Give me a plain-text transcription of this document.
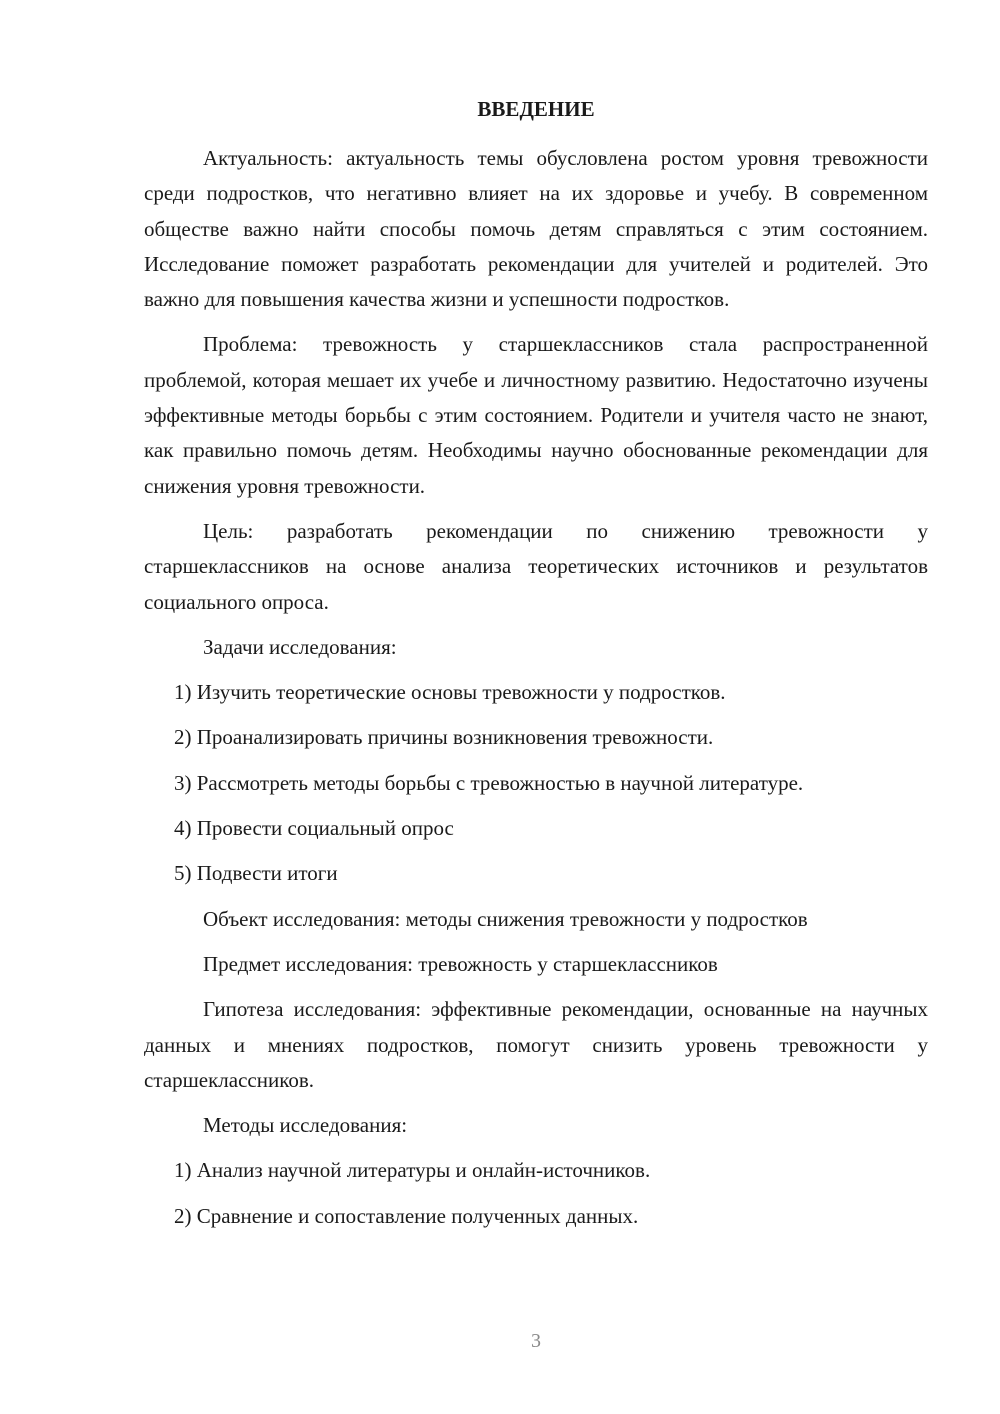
ВВЕДЕНИЕ
Актуальность: актуальность темы обусловлена ростом уровня тревожности среди подростков, что негативно влияет на их здоровье и учебу. В современном обществе важно найти способы помочь детям справляться с этим состоянием. Исследование поможет разработать рекомендации для учителей и родителей. Это важно для повышения качества жизни и успешности подростков.
Проблема: тревожность у старшеклассников стала распространенной проблемой, которая мешает их учебе и личностному развитию. Недостаточно изучены эффективные методы борьбы с этим состоянием. Родители и учителя часто не знают, как правильно помочь детям. Необходимы научно обоснованные рекомендации для снижения уровня тревожности.
Цель: разработать рекомендации по снижению тревожности у старшеклассников на основе анализа теоретических источников и результатов социального опроса.
Задачи исследования:
1) Изучить теоретические основы тревожности у подростков.
2) Проанализировать причины возникновения тревожности.
3) Рассмотреть методы борьбы с тревожностью в научной литературе.
4) Провести социальный опрос
5) Подвести итоги
Объект исследования: методы снижения тревожности у подростков
Предмет исследования: тревожность у старшеклассников
Гипотеза исследования: эффективные рекомендации, основанные на научных данных и мнениях подростков, помогут снизить уровень тревожности у старшеклассников.
Методы исследования:
1) Анализ научной литературы и онлайн-источников.
2) Сравнение и сопоставление полученных данных.
3
